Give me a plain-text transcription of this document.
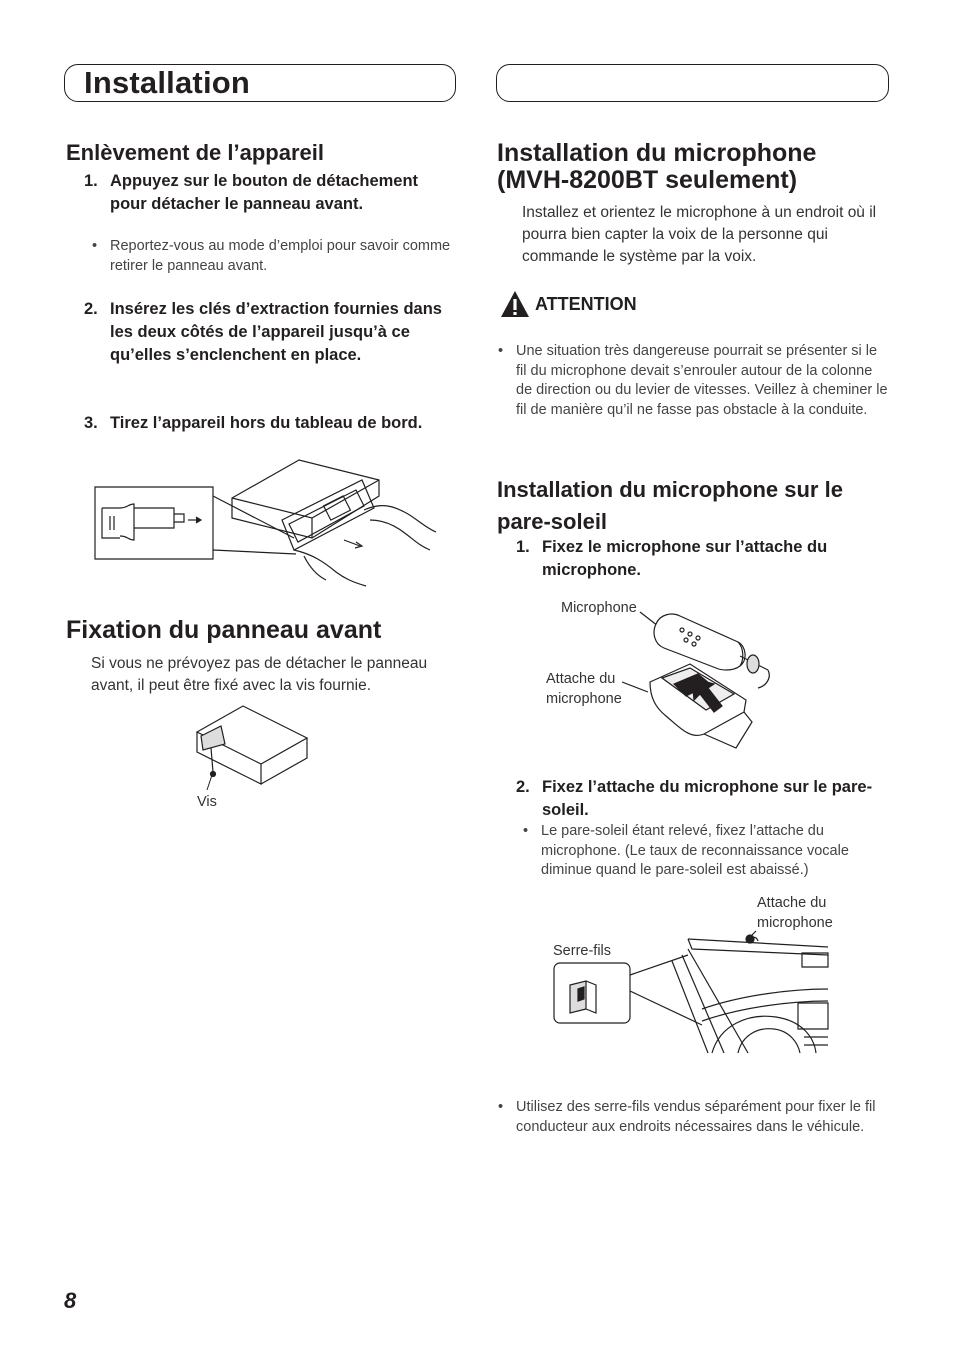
Installation
Enlèvement de l’appareil
1. Appuyez sur le bouton de détachement pour détacher le panneau avant.
• Reportez-vous au mode d’emploi pour savoir comme retirer le panneau avant.
2. Insérez les clés d’extraction fournies dans les deux côtés de l’appareil jusqu’à ce qu’elles s’enclenchent en place.
3. Tirez l’appareil hors du tableau de bord.
Fixation du panneau avant
Si vous ne prévoyez pas de détacher le panneau avant, il peut être fixé avec la vis fournie.
Vis
Installation du microphone
(MVH-8200BT seulement)
Installez et orientez le microphone à un endroit où il pourra bien capter la voix de la personne qui commande le système par la voix.
ATTENTION
• Une situation très dangereuse pourrait se présenter si le fil du microphone devait s’enrouler autour de la colonne de direction ou du levier de vitesses. Veillez à cheminer le fil de manière qu’il ne fasse pas obstacle à la conduite.
Installation du microphone sur le pare-soleil
1. Fixez le microphone sur l’attache du microphone.
Microphone
Attache du microphone
2. Fixez l’attache du microphone sur le pare-soleil.
• Le pare-soleil étant relevé, fixez l’attache du microphone. (Le taux de reconnaissance vocale diminue quand le pare-soleil est abaissé.)
Attache du microphone
Serre-fils
• Utilisez des serre-fils vendus séparément pour fixer le fil conducteur aux endroits nécessaires dans le véhicule.
8
